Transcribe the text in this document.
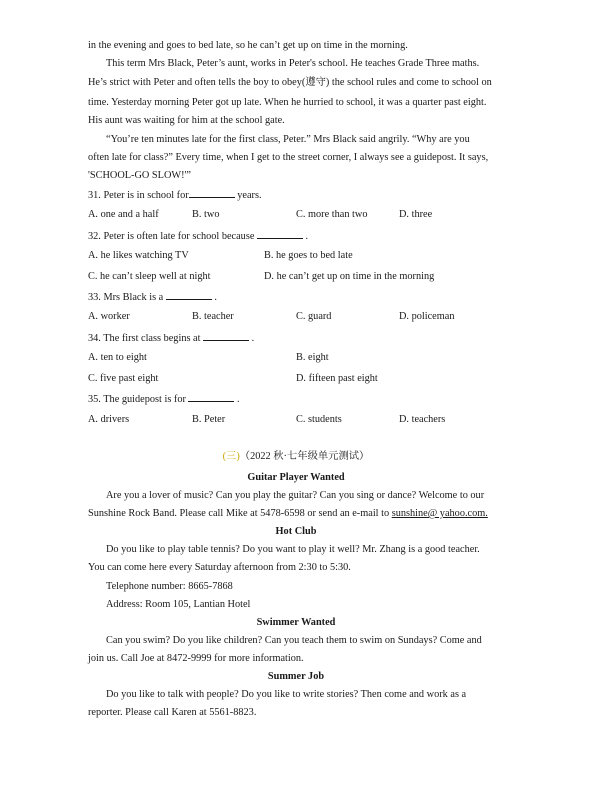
in the evening and goes to bed late, so he can’t get up on time in the morning.
This term Mrs Black, Peter’s aunt, works in Peter's school. He teaches Grade Three maths.
He’s strict with Peter and often tells the boy to obey(遵守) the school rules and come to school on
time. Yesterday morning Peter got up late. When he hurried to school, it was a quarter past eight.
His aunt was waiting for him at the school gate.
“You’re ten minutes late for the first class, Peter.” Mrs Black said angrily. “Why are you
often late for class?” Every time, when I get to the street corner, I always see a guidepost. It says,
'SCHOOL-GO SLOW!'”
31. Peter is in school for	years.
A. one and a half	B. two	C. more than two	D. three
32. Peter is often late for school because	.
A. he likes watching TV	B. he goes to bed late
C. he can’t sleep well at night	D. he can’t get up on time in the morning
33. Mrs Black is a	.
A. worker	B. teacher	C. guard	D. policeman
34. The first class begins at	.
A. ten to eight	B. eight
C. five past eight	D. fifteen past eight
35. The guidepost is for	.
A. drivers	B. Peter	C. students	D. teachers
(三)（2022 秋·七年级单元测试）
Guitar Player Wanted
Are you a lover of music? Can you play the guitar? Can you sing or dance? Welcome to our
Sunshine Rock Band. Please call Mike at 5478-6598 or send an e-mail to sunshine@ yahoo.com.
Hot Club
Do you like to play table tennis? Do you want to play it well? Mr. Zhang is a good teacher.
You can come here every Saturday afternoon from 2:30 to 5:30.
Telephone number: 8665-7868
Address: Room 105, Lantian Hotel
Swimmer Wanted
Can you swim? Do you like children? Can you teach them to swim on Sundays? Come and
join us. Call Joe at 8472-9999 for more information.
Summer Job
Do you like to talk with people? Do you like to write stories? Then come and work as a
reporter. Please call Karen at 5561-8823.
